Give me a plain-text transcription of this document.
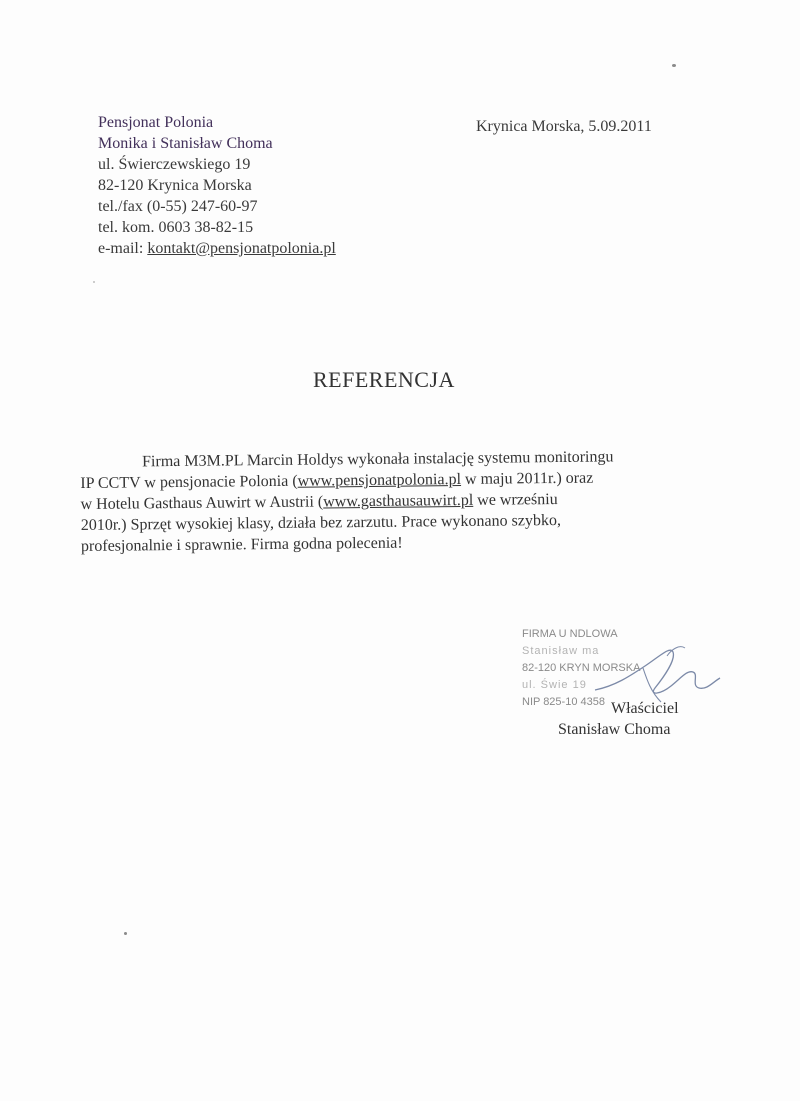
Pensjonat Polonia
Monika i Stanisław Choma
ul. Świerczewskiego 19
82-120 Krynica Morska
tel./fax (0-55) 247-60-97
tel. kom. 0603 38-82-15
e-mail: kontakt@pensjonatpolonia.pl
Krynica Morska, 5.09.2011
REFERENCJA
Firma M3M.PL Marcin Holdys wykonała instalację systemu monitoringu
IP CCTV w pensjonacie Polonia (www.pensjonatpolonia.pl w maju 2011r.) oraz
w Hotelu Gasthaus Auwirt w Austrii (www.gasthausauwirt.pl we wrześniu
2010r.) Sprzęt wysokiej klasy, działa bez zarzutu. Prace wykonano szybko,
profesjonalnie i sprawnie. Firma godna polecenia!
FIRMA U NDLOWA
Stanisław ma
82-120 KRYN MORSKA
ul. Świe 19
NIP 825-10 4358 Właściciel
Stanisław Choma
